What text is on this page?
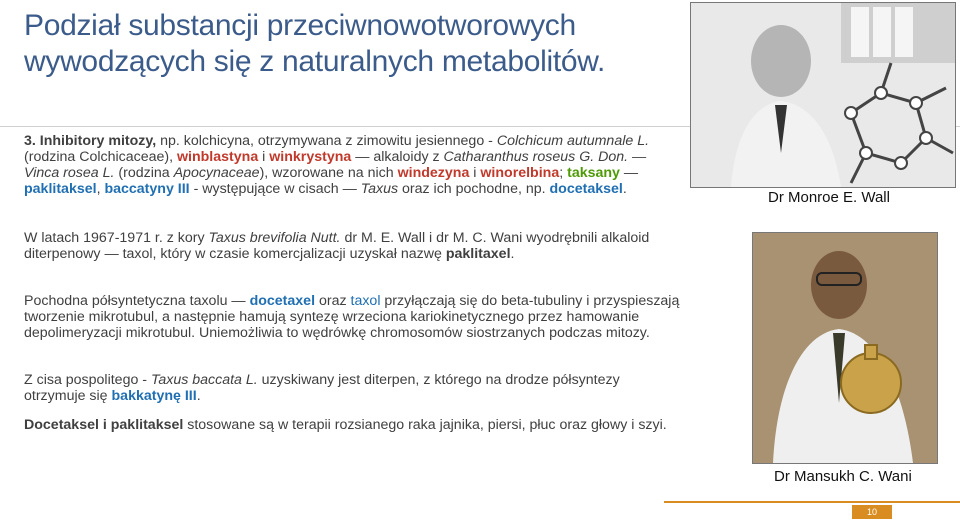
Podział substancji przeciwnowotworowych wywodzących się z naturalnych metabolitów.
3. Inhibitory mitozy, np. kolchicyna, otrzymywana z zimowitu jesiennego - Colchicum autumnale L. (rodzina Colchicaceae), winblastyna i winkrystyna — alkaloidy z Catharanthus roseus G. Don. — Vinca rosea L. (rodzina Apocynaceae), wzorowane na nich windezyna i winorelbina; taksany — paklitaksel, baccatyny III - występujące w cisach — Taxus oraz ich pochodne, np. docetaksel.
W latach 1967-1971 r. z kory Taxus brevifolia Nutt. dr M. E. Wall i dr M. C. Wani wyodrębnili alkaloid diterpenowy — taxol, który w czasie komercjalizacji uzyskał nazwę paklitaxel.
Pochodna półsyntetyczna taxolu — docetaxel oraz taxol przyłączają się do beta-tubuliny i przyspieszają tworzenie mikrotubul, a następnie hamują syntezę wrzeciona kariokinetycznego przez hamowanie depolimeryzacji mikrotubul. Uniemożliwia to wędrówkę chromosomów siostrzanych podczas mitozy.
Z cisa pospolitego - Taxus baccata L. uzyskiwany jest diterpen, z którego na drodze półsyntezy otrzymuje się bakkatynę III.
Docetaksel i paklitaksel stosowane są w terapii rozsianego raka jajnika, piersi, płuc oraz głowy i szyi.
Dr Monroe E. Wall
Dr Mansukh C. Wani
10
